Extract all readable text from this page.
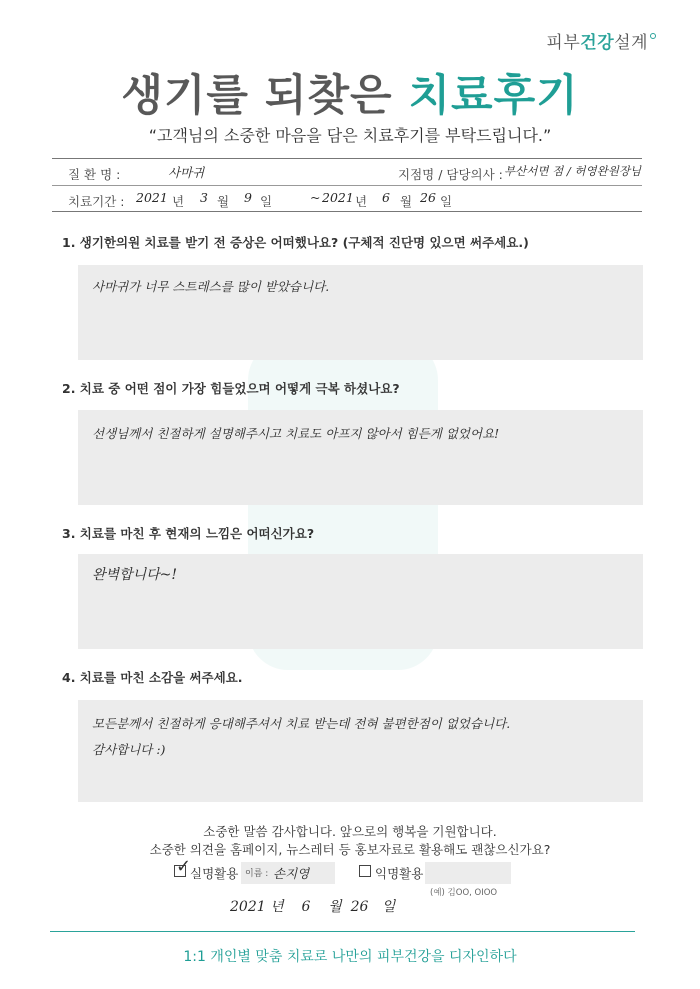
피부건강설계
생기를 되찾은 치료후기
“고객님의 소중한 마음을 담은 치료후기를 부탁드립니다.”
질 환 명 :	사마귀	지점명 / 담당의사 : 부산서면 점 / 허영완원장님
치료기간 : 2021 년 3 월 9 일	~ 2021 년 6 월 26 일
1. 생기한의원 치료를 받기 전 증상은 어떠했나요? (구체적 진단명 있으면 써주세요.)
사마귀가 너무 스트레스를 많이 받았습니다.
2. 치료 중 어떤 점이 가장 힘들었으며 어떻게 극복 하셨나요?
선생님께서 친절하게 설명해주시고 치료도 아프지 않아서 힘든게 없었어요!
3. 치료를 마친 후 현재의 느낌은 어떠신가요?
완벽합니다~!
4. 치료를 마친 소감을 써주세요.
모든분께서 친절하게 응대해주셔서 치료 받는데 전혀 불편한점이 없었습니다.
감사합니다 :)
소중한 말씀 감사합니다. 앞으로의 행복을 기원합니다.
소중한 의견을 홈페이지, 뉴스레터 등 홍보자료로 활용해도 괜찮으신가요?
✓
실명활용 이름 : 손지영	익명활용
(예) 김OO, OIOO
2021 년 6 월 26 일
1:1 개인별 맞춤 치료로 나만의 피부건강을 디자인하다
